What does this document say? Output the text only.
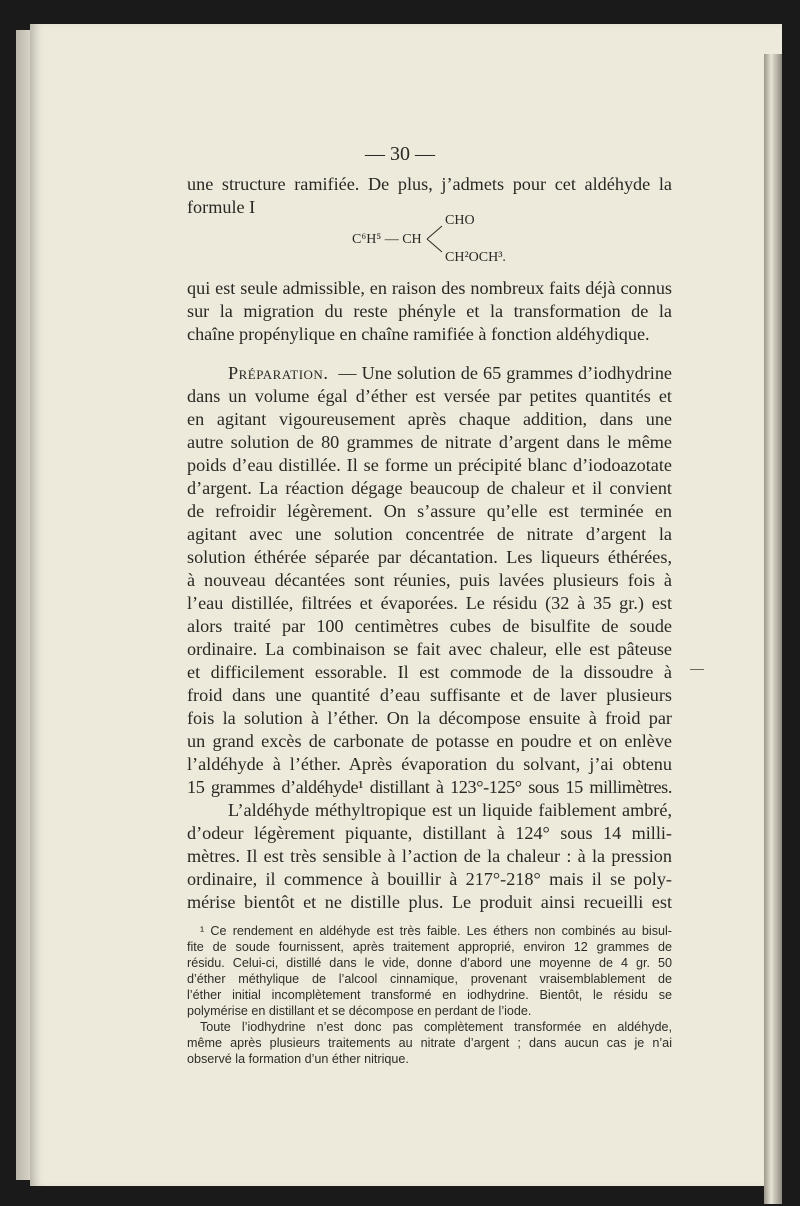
— 30 —
une structure ramifiée. De plus, j’admets pour cet aldéhyde la
formule I
C⁶H⁵ — CH
CHO
CH²OCH³.
qui est seule admissible, en raison des nombreux faits déjà connus
sur la migration du reste phényle et la transformation de la
chaîne propénylique en chaîne ramifiée à fonction aldéhydique.
Préparation. — Une solution de 65 grammes d’iodhydrine
dans un volume égal d’éther est versée par petites quantités et
en agitant vigoureusement après chaque addition, dans une
autre solution de 80 grammes de nitrate d’argent dans le même
poids d’eau distillée. Il se forme un précipité blanc d’iodoazotate
d’argent. La réaction dégage beaucoup de chaleur et il convient
de refroidir légèrement. On s’assure qu’elle est terminée en
agitant avec une solution concentrée de nitrate d’argent la
solution éthérée séparée par décantation. Les liqueurs éthérées,
à nouveau décantées sont réunies, puis lavées plusieurs fois à
l’eau distillée, filtrées et évaporées. Le résidu (32 à 35 gr.) est
alors traité par 100 centimètres cubes de bisulfite de soude
ordinaire. La combinaison se fait avec chaleur, elle est pâteuse
et difficilement essorable. Il est commode de la dissoudre à
froid dans une quantité d’eau suffisante et de laver plusieurs
fois la solution à l’éther. On la décompose ensuite à froid par
un grand excès de carbonate de potasse en poudre et on enlève
l’aldéhyde à l’éther. Après évaporation du solvant, j’ai obtenu
15 grammes d’aldéhyde¹ distillant à 123°-125° sous 15 millimètres.
L’aldéhyde méthyltropique est un liquide faiblement ambré,
d’odeur légèrement piquante, distillant à 124° sous 14 milli-
mètres. Il est très sensible à l’action de la chaleur : à la pression
ordinaire, il commence à bouillir à 217°-218° mais il se poly-
mérise bientôt et ne distille plus. Le produit ainsi recueilli est
¹ Ce rendement en aldéhyde est très faible. Les éthers non combinés au bisul-
fite de soude fournissent, après traitement approprié, environ 12 grammes de
résidu. Celui-ci, distillé dans le vide, donne d’abord une moyenne de 4 gr. 50
d’éther méthylique de l’alcool cinnamique, provenant vraisemblablement de
l’éther initial incomplètement transformé en iodhydrine. Bientôt, le résidu se
polymérise en distillant et se décompose en perdant de l’iode.
Toute l’iodhydrine n’est donc pas complètement transformée en aldéhyde,
même après plusieurs traitements au nitrate d’argent ; dans aucun cas je n’ai
observé la formation d’un éther nitrique.
